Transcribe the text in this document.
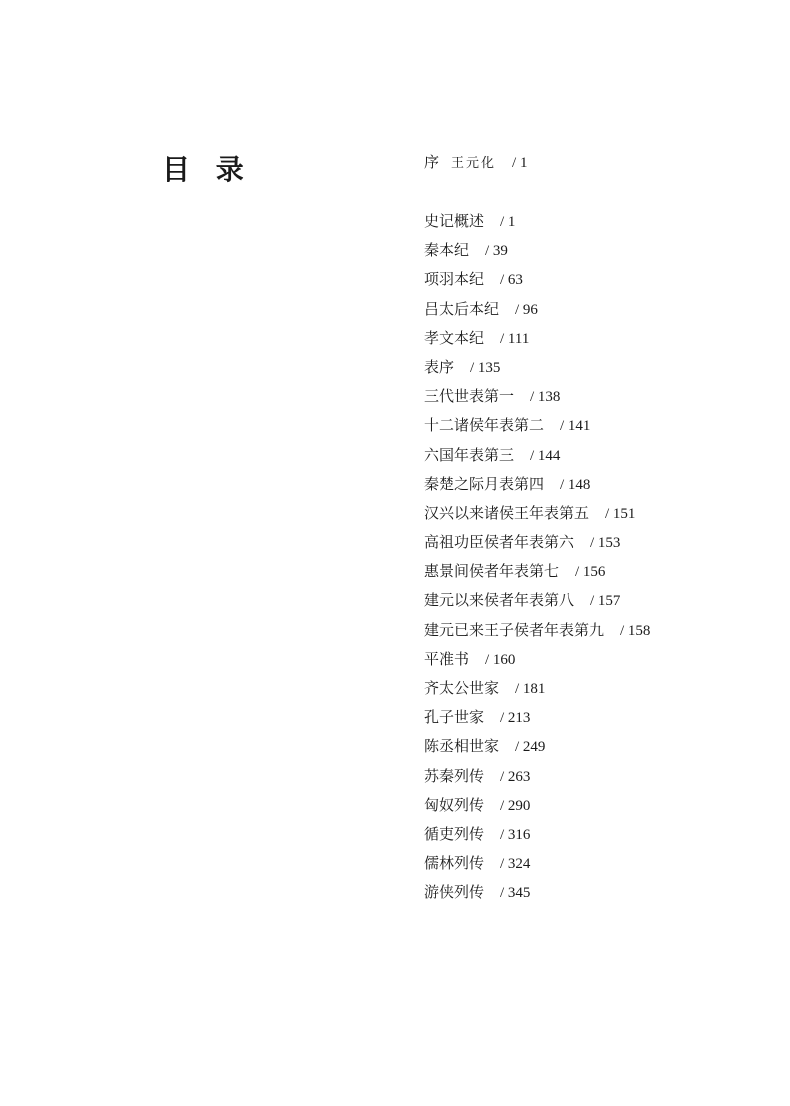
目 录	序 王元化 / 1
史记概述 / 1
秦本纪 / 39
项羽本纪 / 63
吕太后本纪 / 96
孝文本纪 / 111
表序 / 135
三代世表第一 / 138
十二诸侯年表第二 / 141
六国年表第三 / 144
秦楚之际月表第四 / 148
汉兴以来诸侯王年表第五 / 151
高祖功臣侯者年表第六 / 153
惠景间侯者年表第七 / 156
建元以来侯者年表第八 / 157
建元已来王子侯者年表第九 / 158
平准书 / 160
齐太公世家 / 181
孔子世家 / 213
陈丞相世家 / 249
苏秦列传 / 263
匈奴列传 / 290
循吏列传 / 316
儒林列传 / 324
游侠列传 / 345
